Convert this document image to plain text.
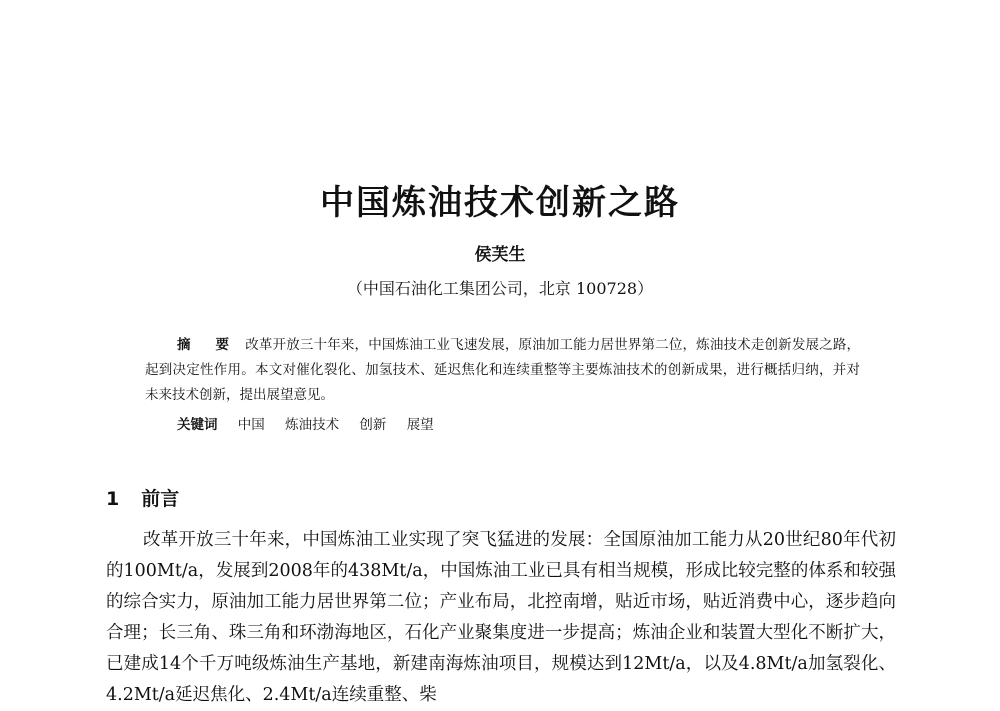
中国炼油技术创新之路
侯芙生
（中国石油化工集团公司，北京 100728）
摘 要 改革开放三十年来，中国炼油工业飞速发展，原油加工能力居世界第二位，炼油技术走创新发展之路，起到决定性作用。本文对催化裂化、加氢技术、延迟焦化和连续重整等主要炼油技术的创新成果，进行概括归纳，并对未来技术创新，提出展望意见。
关键词 中国 炼油技术 创新 展望
1 前言
改革开放三十年来，中国炼油工业实现了突飞猛进的发展：全国原油加工能力从20世纪80年代初的100Mt/a，发展到2008年的438Mt/a，中国炼油工业已具有相当规模，形成比较完整的体系和较强的综合实力，原油加工能力居世界第二位；产业布局，北控南增，贴近市场，贴近消费中心，逐步趋向合理；长三角、珠三角和环渤海地区，石化产业聚集度进一步提高；炼油企业和装置大型化不断扩大，已建成14个千万吨级炼油生产基地，新建南海炼油项目，规模达到12Mt/a，以及4.8Mt/a加氢裂化、4.2Mt/a延迟焦化、2.4Mt/a连续重整、柴
